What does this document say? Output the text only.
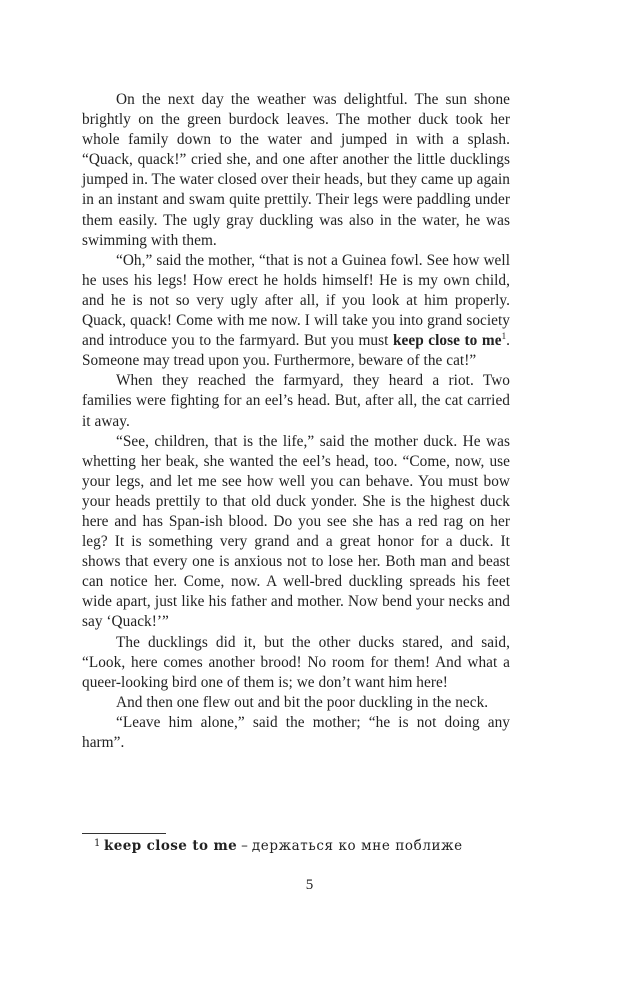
On the next day the weather was delightful. The sun shone brightly on the green burdock leaves. The mother duck took her whole family down to the water and jumped in with a splash. “Quack, quack!” cried she, and one after another the little ducklings jumped in. The water closed over their heads, but they came up again in an instant and swam quite prettily. Their legs were paddling under them easily. The ugly gray duckling was also in the water, he was swimming with them.

“Oh,” said the mother, “that is not a Guinea fowl. See how well he uses his legs! How erect he holds himself! He is my own child, and he is not so very ugly after all, if you look at him properly. Quack, quack! Come with me now. I will take you into grand society and introduce you to the farmyard. But you must keep close to $me^1$. Someone may tread upon you. Furthermore, beware of the cat!”

When they reached the farmyard, they heard a riot. Two families were fighting for an eel’s head. But, after all, the cat carried it away.

“See, children, that is the life,” said the mother duck. He was whetting her beak, she wanted the eel’s head, too. “Come, now, use your legs, and let me see how well you can behave. You must bow your heads prettily to that old duck yonder. She is the highest duck here and has Span-ish blood. Do you see she has a red rag on her leg? It is something very grand and a great honor for a duck. It shows that every one is anxious not to lose her. Both man and beast can notice her. Come, now. A well-bred duckling spreads his feet wide apart, just like his father and mother. Now bend your necks and say ‘Quack!’”

The ducklings did it, but the other ducks stared, and said, “Look, here comes another brood! No room for them! And what a queer-looking bird one of them is; we don’t want him here!

And then one flew out and bit the poor duckling in the neck.

“Leave him alone,” said the mother; “he is not doing any harm”.

1 keep close to me – держаться ко мне поближе
5
